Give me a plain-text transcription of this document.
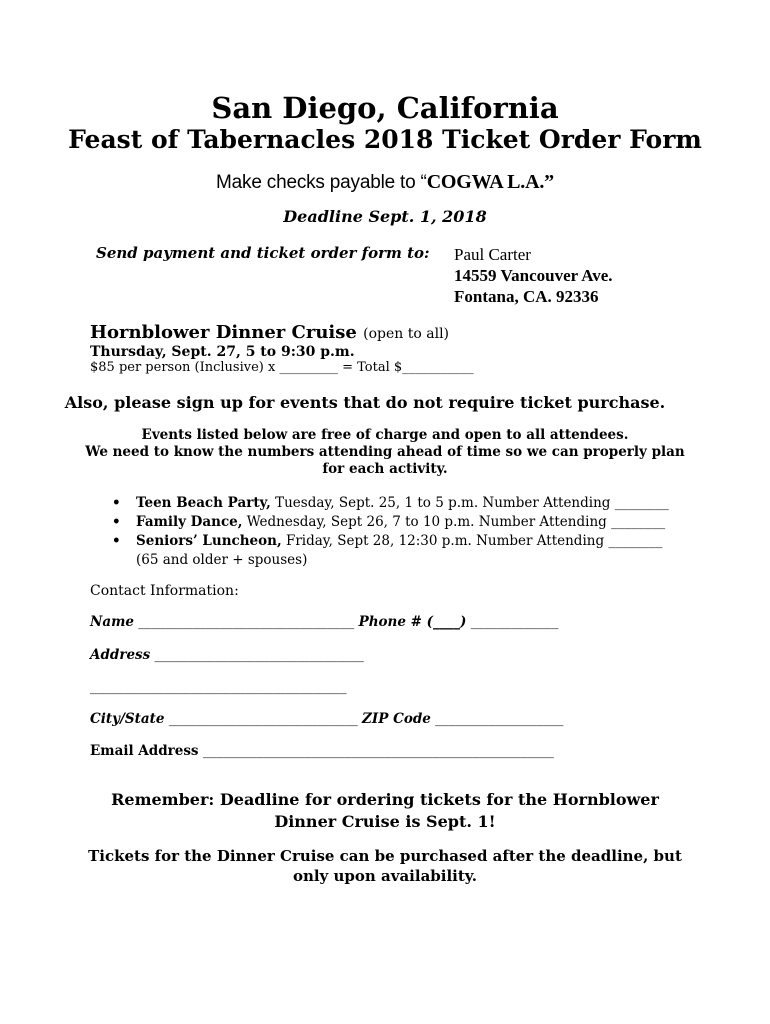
San Diego, California
Feast of Tabernacles 2018 Ticket Order Form
Make checks payable to “COGWA L.A.”
Deadline Sept. 1, 2018
Send payment and ticket order form to: Paul Carter
14559 Vancouver Ave.
Fontana, CA. 92336
Hornblower Dinner Cruise (open to all)
Thursday, Sept. 27, 5 to 9:30 p.m.
$85 per person (Inclusive) x _________ = Total $___________
Also, please sign up for events that do not require ticket purchase.
Events listed below are free of charge and open to all attendees.
We need to know the numbers attending ahead of time so we can properly plan
for each activity.
• Teen Beach Party, Tuesday, Sept. 25, 1 to 5 p.m. Number Attending ________
• Family Dance, Wednesday, Sept 26, 7 to 10 p.m. Number Attending ________
• Seniors’ Luncheon, Friday, Sept 28, 12:30 p.m. Number Attending ________
(65 and older + spouses)
Contact Information:
Name ________________________________ Phone # (____) _____________
Address _______________________________
______________________________________
City/State ____________________________ ZIP Code ___________________
Email Address ____________________________________________________
Remember: Deadline for ordering tickets for the Hornblower
Dinner Cruise is Sept. 1!
Tickets for the Dinner Cruise can be purchased after the deadline, but
only upon availability.
